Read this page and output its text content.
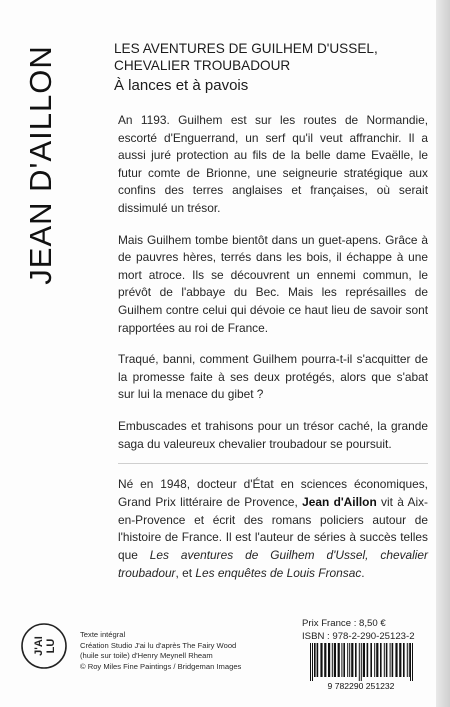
JEAN D'AILLON	LES AVENTURES DE GUILHEM D'USSEL,
CHEVALIER TROUBADOUR
À lances et à pavois

An 1193. Guilhem est sur les routes de Normandie, escorté d'Enguerrand, un serf qu'il veut affranchir. Il a aussi juré protection au fils de la belle dame Evaëlle, le futur comte de Brionne, une seigneurie stratégique aux confins des terres anglaises et françaises, où serait dissimulé un trésor.

Mais Guilhem tombe bientôt dans un guet-apens. Grâce à de pauvres hères, terrés dans les bois, il échappe à une mort atroce. Ils se découvrent un ennemi commun, le prévôt de l'abbaye du Bec. Mais les représailles de Guilhem contre celui qui dévoie ce haut lieu de savoir sont rapportées au roi de France.

Traqué, banni, comment Guilhem pourra-t-il s'acquitter de la promesse faite à ses deux protégés, alors que s'abat sur lui la menace du gibet ?

Embuscades et trahisons pour un trésor caché, la grande saga du valeureux chevalier troubadour se poursuit.

Né en 1948, docteur d'État en sciences économiques, Grand Prix littéraire de Provence, Jean d'Aillon vit à Aix-en-Provence et écrit des romans policiers autour de l'histoire de France. Il est l'auteur de séries à succès telles que Les aventures de Guilhem d'Ussel, chevalier troubadour, et Les enquêtes de Louis Fronsac.
J'AI LU
Texte intégral
Création Studio J'ai lu d'après The Fairy Wood
(huile sur toile) d'Henry Meynell Rheam
© Roy Miles Fine Paintings / Bridgeman Images
Prix France : 8,50 €
ISBN : 978-2-290-25123-2
9 782290 251232
